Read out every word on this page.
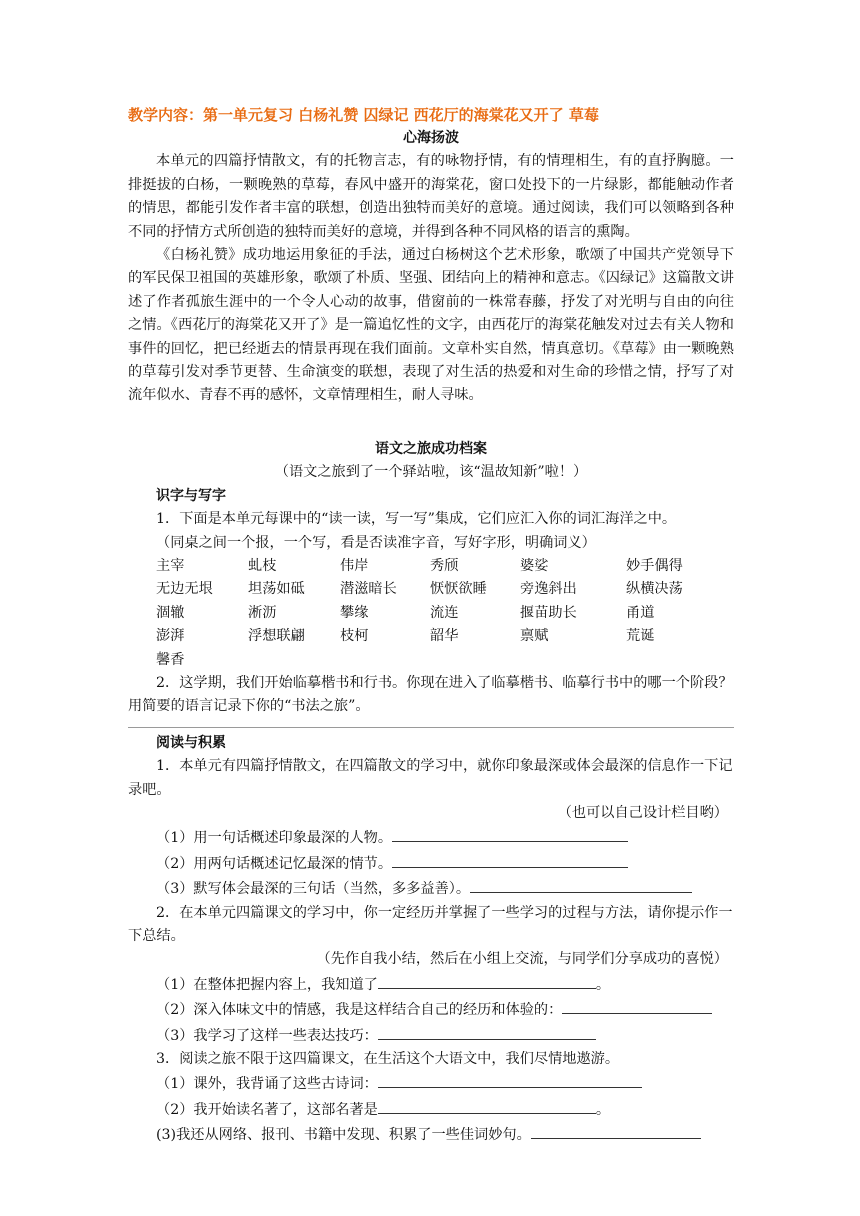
教学内容：第一单元复习 白杨礼赞 囚绿记 西花厅的海棠花又开了 草莓
心海扬波

本单元的四篇抒情散文，有的托物言志，有的咏物抒情，有的情理相生，有的直抒胸臆。一排挺拔的白杨，一颗晚熟的草莓，春风中盛开的海棠花，窗口处投下的一片绿影，都能触动作者的情思，都能引发作者丰富的联想，创造出独特而美好的意境。通过阅读，我们可以领略到各种不同的抒情方式所创造的独特而美好的意境，并得到各种不同风格的语言的熏陶。

《白杨礼赞》成功地运用象征的手法，通过白杨树这个艺术形象，歌颂了中国共产党领导下的军民保卫祖国的英雄形象，歌颂了朴质、坚强、团结向上的精神和意志。《囚绿记》这篇散文讲述了作者孤旅生涯中的一个令人心动的故事，借窗前的一株常春藤，抒发了对光明与自由的向往之情。《西花厅的海棠花又开了》是一篇追忆性的文字，由西花厅的海棠花触发对过去有关人物和事件的回忆，把已经逝去的情景再现在我们面前。文章朴实自然，情真意切。《草莓》由一颗晚熟的草莓引发对季节更替、生命演变的联想，表现了对生活的热爱和对生命的珍惜之情，抒写了对流年似水、青春不再的感怀，文章情理相生，耐人寻味。

语文之旅成功档案
（语文之旅到了一个驿站啦，该“温故知新”啦！）
识字与写字
1．下面是本单元每课中的“读一读，写一写”集成，它们应汇入你的词汇海洋之中。
（同桌之间一个报，一个写，看是否读准字音，写好字形，明确词义）
主宰	虬枝	伟岸	秀颀	婆娑	妙手偶得
无边无垠	坦荡如砥	潜滋暗长	恹恹欲睡	旁逸斜出	纵横决荡
涸辙	淅沥	攀缘	流连	揠苗助长	甬道
澎湃	浮想联翩	枝柯	韶华	禀赋	荒诞
馨香

2．这学期，我们开始临摹楷书和行书。你现在进入了临摹楷书、临摹行书中的哪一个阶段？用简要的语言记录下你的“书法之旅”。

阅读与积累

1．本单元有四篇抒情散文，在四篇散文的学习中，就你印象最深或体会最深的信息作一下记录吧。

（也可以自己设计栏目哟）
（1）用一句话概述印象最深的人物。
（2）用两句话概述记忆最深的情节。
（3）默写体会最深的三句话（当然，多多益善）。

2．在本单元四篇课文的学习中，你一定经历并掌握了一些学习的过程与方法，请你提示作一下总结。

（先作自我小结，然后在小组上交流，与同学们分享成功的喜悦）
（1）在整体把握内容上，我知道了	。
（2）深入体味文中的情感，我是这样结合自己的经历和体验的：
（3）我学习了这样一些表达技巧：
3．阅读之旅不限于这四篇课文，在生活这个大语文中，我们尽情地遨游。
（1）课外，我背诵了这些古诗词：
（2）我开始读名著了，这部名著是	。
(3)我还从网络、报刊、书籍中发现、积累了一些佳词妙句。
